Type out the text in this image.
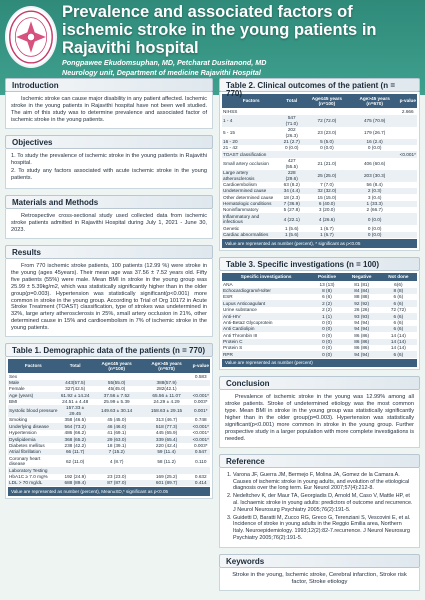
Prevalence and associated factors of ischemic stroke in the young patients in Rajavithi hospital
Pongpawee Ekudomsuphan, MD, Petcharat Dusitanond, MD
Neurology unit, Department of medicine Rajavithi Hospital
Introduction

Ischemic stroke can cause major disability in any patient affected. Ischemic stroke in the young patients in Rajavithi hospital have not been well studied. The aim of this study was to determine prevalence and associated factor of ischemic stroke in the young patients.

Objectives

1. To study the prevalence of ischemic stroke in the young patients in Rajavithi hospital.

2. To study any factors associated with acute ischemic stroke in the young patients.

Materials and Methods

Retrospective cross-sectional study used collected data from ischemic stroke patients admitted in Rajavithi Hospital during July 1, 2021 - June 30, 2023.

Results

From 770 ischemic stroke patients, 100 patients (12.99 %) were stroke in the young (ages 45years). Their mean age was 37.56 ± 7.52 years old. Fifty five patients (55%) were male. Mean BMI in stroke in the young group was 25.99 ± 5.39kg/m2, which was statistically significantly higher than in the older group(p=0.003). Hypertension was statistically significant(p<0.001) more common in stroke in the young group. According to Trial of Org 10172 in Acute Stroke Treatment (TOAST) classification, type of strokes was undetermined in 32%, large artery atherosclerosis in 25%, small artery occlusion in 21%, other determined cause in 15% and cardioembolism in 7% of ischemic stroke in the young patients.

Table 1. Demographic data of the patients (n = 770)
Factors	Total	Age≤45 years (n=100)	Age>45 years (n=670)	p-value
Sex				0.583
Male	443(57.5)	55(55.0)	388(57.9)	
Female	327(42.5)	45(45.0)	282(42.1)	
Age (years)	61.92 ± 14.24	37.56 ± 7.52	65.56 ± 11.07	<0.001*
BMI	24.51 ± 4.48	25.99 ± 5.39	24.29 ± 4.29	0.003*
Systolic blood pressure	157.33 ± 29.45	149.63 ± 30.14	158.63 ± 29.15	0.001*
Smoking	358 (46.5)	45 (45.0)	313 (46.7)	0.748
Underlying disease	564 (73.2)	46 (46.0)	518 (77.3)	<0.001*
Hypertension	486 (66.2)	41 (69.1)	445 (65.9)	<0.001*
Dyslipidemia	368 (65.2)	29 (63.0)	339 (65.4)	<0.001*
Diabetes mellitus	238 (42.2)	18 (39.1)	220 (42.4)	0.003*
Atrial fibrillation	66 (11.7)	7 (15.2)	59 (11.4)	0.547
Coronary heart disease	62 (11.0)	4 (8.7)	58 (11.2)	0.110
Laboratory Testing				
HbA1C ≥ 7.0 mg%	192 (24.9)	23 (23.0)	169 (25.2)	0.632
LDL > 70 mg/dL	688 (89.4)	87 (87.0)	601 (89.7)	0.414
Value are represented as number (percent), Mean±SD,* significant as p<0.05
Table 2. Clinical outcomes of the patient (n = 770)
Factors	Total	Age≤45 years (n=100)	Age>45 years (n=670)	p-value
NIHSS				2.666
1 - 4	547 (71.0)	72 (72.0)	475 (70.9)	
5 - 15	202 (26.3)	23 (23.0)	179 (26.7)	
16 - 20	21 (2.7)	5 (5.0)	16 (2.4)	
21 - 42	0 (0.0)	0 (0.0)	0 (0.0)	
TOAST classification				<0.001*
Small artery occlusion	427 (55.5)	21 (21.0)	406 (60.6)	
Large artery atherosclerosis	228 (29.6)	25 (25.0)	203 (30.3)	
Cardioembolism	63 (8.2)	7 (7.0)	56 (8.4)	
Undetermined cause	34 (4.4)	32 (32.0)	2 (0.3)	
Other determined cause	18 (2.3)	15 (15.0)	3 (0.4)	
Hematologic conditions	7 (36.9)	6 (40.0)	1 (33.3)	
Noninflammatory	5 (27.8)	3 (20.0)	2 (66.7)	
Inflammatory and infectious	4 (22.1)	4 (26.6)	0 (0.0)	
Genetic	1 (5.6)	1 (6.7)	0 (0.0)	
Cardiac abnormalities	1 (5.6)	1 (6.7)	0 (0.0)	
Value are represented as number (percent), * significant as p<0.05
Table 3. Specific investigations (n = 100)
Specific investigations	Positive	Negative	Not done
ANA	13 (13)	81 (81)	6(6)
Echocardiogram/Holter	8 (8)	84 (84)	8 (8)
ESR	6 (6)	88 (88)	6 (6)
Lupus Anticoagulant	2 (2)	92 (92)	6 (6)
Urine substance	2 (2)	26 (26)	72 (72)
Anti-HIV	1 (1)	93 (93)	6 (6)
Anti-Beta2 Glycoprotein	0 (0)	94 (94)	6 (6)
Anti Cardiolipin	0 (0)	94 (94)	6 (6)
Anti Thrombin III	0 (0)	86 (86)	14 (14)
Protein C	0 (0)	86 (86)	14 (14)
Protein S	0 (0)	86 (86)	14 (14)
RPR	0 (0)	94 (94)	6 (6)
Value are represented as number (percent)
Conclusion

Prevalence of ischemic stroke in the young was 12.99% among all stroke patients. Stroke of undetermined etiology was the most common type. Mean BMI in stroke in the young group was statistically significantly higher than in the older group(p=0.003). Hypertension was statistically significant(p<0.001) more common in stroke in the young group. Further prospective study in a larger population with more complete investigations is needed.

Reference
1. Varona JF, Guerra JM, Bermejo F, Molina JA, Gomez de la Camara A. Causes of ischemic stroke in young adults, and evolution of the etiological diagnosis over the long term. Eur Neurol 2007;57(4):212-8.
2. Nedeltchev K, der Maur TA, Georgiadis D, Arnold M, Caso V, Mattle HP, et al. Ischaemic stroke in young adults: predictors of outcome and recurrence. J Neurol Neurosurg Psychiatry 2005;76(2):191-5.
3. Guidetti D, Baratti M, Zucco RG, Greco G, Terenziani S, Vescovini E, et al. Incidence of stroke in young adults in the Reggio Emilia area, Northern Italy. Neuroepidemiology. 1993;12(2):82-7.recurrence. J Neurol Neurosurg Psychiatry 2005;76(2):191-5.
Keywords

Stroke in the young, Ischemic stroke, Cerebral infarction, Stroke risk factor, Stroke etiology
